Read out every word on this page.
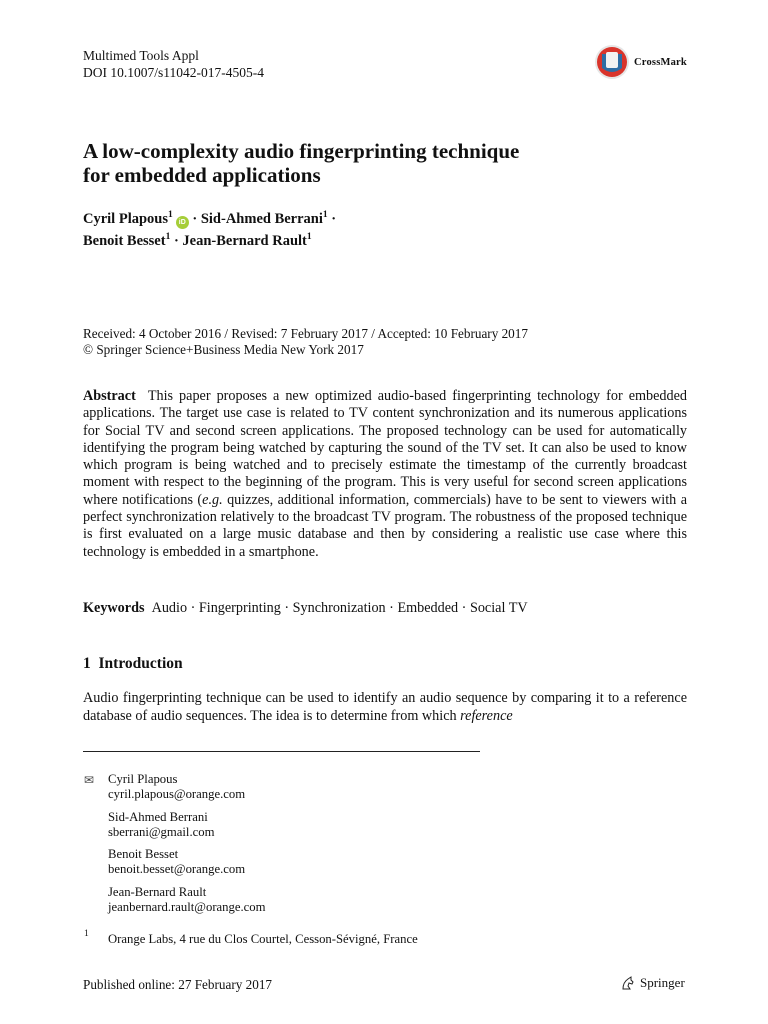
Multimed Tools Appl
DOI 10.1007/s11042-017-4505-4
CrossMark
A low-complexity audio fingerprinting technique
for embedded applications
Cyril Plapous$^1$iD · Sid-Ahmed Berrani$^1$ ·
Benoit Besset$^1$ · Jean-Bernard Rault$^1$
Received: 4 October 2016 / Revised: 7 February 2017 / Accepted: 10 February 2017
© Springer Science+Business Media New York 2017
Abstract This paper proposes a new optimized audio-based fingerprinting technology for embedded applications. The target use case is related to TV content synchronization and its numerous applications for Social TV and second screen applications. The proposed technology can be used for automatically identifying the program being watched by capturing the sound of the TV set. It can also be used to know which program is being watched and to precisely estimate the timestamp of the currently broadcast moment with respect to the beginning of the program. This is very useful for second screen applications where notifications (e.g. quizzes, additional information, commercials) have to be sent to viewers with a perfect synchronization relatively to the broadcast TV program. The robustness of the proposed technique is first evaluated on a large music database and then by considering a realistic use case where this technology is embedded in a smartphone.
Keywords Audio · Fingerprinting · Synchronization · Embedded · Social TV
1 Introduction
Audio fingerprinting technique can be used to identify an audio sequence by comparing it to a reference database of audio sequences. The idea is to determine from which reference
✉ Cyril Plapous
cyril.plapous@orange.com
Sid-Ahmed Berrani
sberrani@gmail.com
Benoit Besset
benoit.besset@orange.com
Jean-Bernard Rault
jeanbernard.rault@orange.com
1 Orange Labs, 4 rue du Clos Courtel, Cesson-Sévigné, France
Published online: 27 February 2017	Springer
